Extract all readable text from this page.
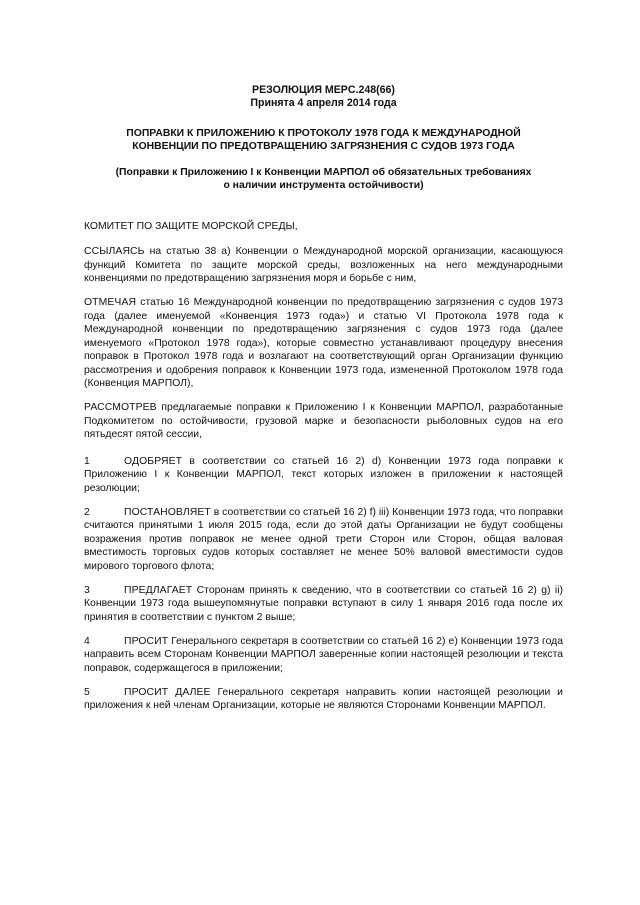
РЕЗОЛЮЦИЯ MEPC.248(66)

Принята 4 апреля 2014 года

ПОПРАВКИ К ПРИЛОЖЕНИЮ К ПРОТОКОЛУ 1978 ГОДА К МЕЖДУНАРОДНОЙ
КОНВЕНЦИИ ПО ПРЕДОТВРАЩЕНИЮ ЗАГРЯЗНЕНИЯ С СУДОВ 1973 ГОДА
(Поправки к Приложению I к Конвенции МАРПОЛ об обязательных требованиях
о наличии инструмента остойчивости)

КОМИТЕТ ПО ЗАЩИТЕ МОРСКОЙ СРЕДЫ,

ССЫЛАЯСЬ на статью 38 a) Конвенции о Международной морской организации, касающуюся функций Комитета по защите морской среды, возложенных на него международными конвенциями по предотвращению загрязнения моря и борьбе с ним,

ОТМЕЧАЯ статью 16 Международной конвенции по предотвращению загрязнения с судов 1973 года (далее именуемой «Конвенция 1973 года») и статью VI Протокола 1978 года к Международной конвенции по предотвращению загрязнения с судов 1973 года (далее именуемого «Протокол 1978 года»), которые совместно устанавливают процедуру внесения поправок в Протокол 1978 года и возлагают на соответствующий орган Организации функцию рассмотрения и одобрения поправок к Конвенции 1973 года, измененной Протоколом 1978 года (Конвенция МАРПОЛ),

РАССМОТРЕВ предлагаемые поправки к Приложению I к Конвенции МАРПОЛ, разработанные Подкомитетом по остойчивости, грузовой марке и безопасности рыболовных судов на его пятьдесят пятой сессии,

1	ОДОБРЯЕТ в соответствии со статьей 16 2) d) Конвенции 1973 года поправки к Приложению I к Конвенции МАРПОЛ, текст которых изложен в приложении к настоящей резолюции;

2	ПОСТАНОВЛЯЕТ в соответствии со статьей 16 2) f) iii) Конвенции 1973 года, что поправки считаются принятыми 1 июля 2015 года, если до этой даты Организации не будут сообщены возражения против поправок не менее одной трети Сторон или Сторон, общая валовая вместимость торговых судов которых составляет не менее 50% валовой вместимости судов мирового торгового флота;

3	ПРЕДЛАГАЕТ Сторонам принять к сведению, что в соответствии со статьей 16 2) g) ii) Конвенции 1973 года вышеупомянутые поправки вступают в силу 1 января 2016 года после их принятия в соответствии с пунктом 2 выше;

4	ПРОСИТ Генерального секретаря в соответствии со статьей 16 2) e) Конвенции 1973 года направить всем Сторонам Конвенции МАРПОЛ заверенные копии настоящей резолюции и текста поправок, содержащегося в приложении;

5	ПРОСИТ ДАЛЕЕ Генерального секретаря направить копии настоящей резолюции и приложения к ней членам Организации, которые не являются Сторонами Конвенции МАРПОЛ.
